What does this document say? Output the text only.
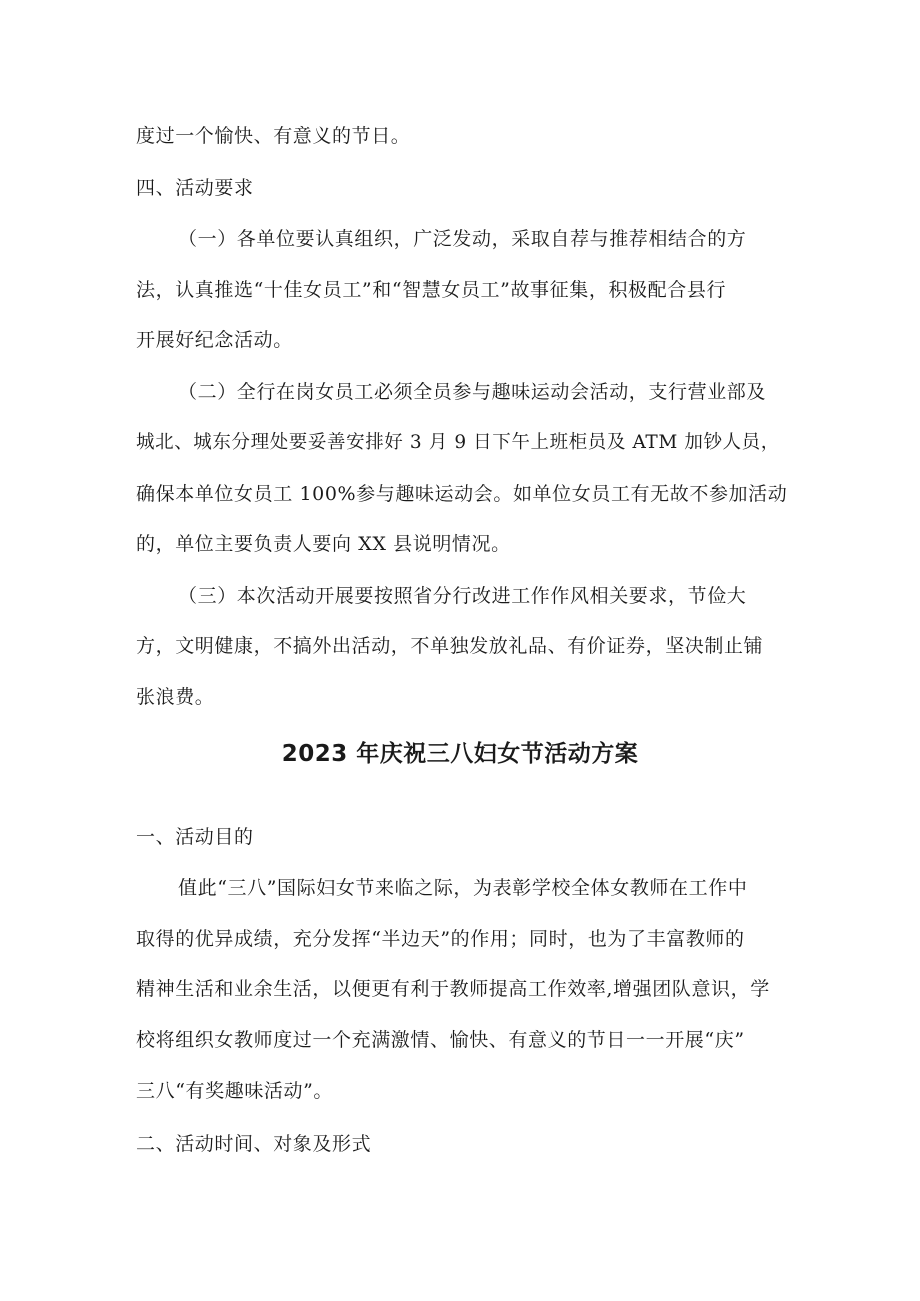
度过一个愉快、有意义的节日。

四、活动要求

（一）各单位要认真组织，广泛发动，采取自荐与推荐相结合的方

法，认真推选“十佳女员工”和“智慧女员工”故事征集，积极配合县行

开展好纪念活动。

（二）全行在岗女员工必须全员参与趣味运动会活动，支行营业部及

城北、城东分理处要妥善安排好 3 月 9 日下午上班柜员及 ATM 加钞人员，

确保本单位女员工 100%参与趣味运动会。如单位女员工有无故不参加活动

的，单位主要负责人要向 XX 县说明情况。

（三）本次活动开展要按照省分行改进工作作风相关要求，节俭大

方，文明健康，不搞外出活动，不单独发放礼品、有价证券，坚决制止铺

张浪费。

2023 年庆祝三八妇女节活动方案

一、活动目的

值此“三八”国际妇女节来临之际，为表彰学校全体女教师在工作中

取得的优异成绩，充分发挥“半边天”的作用；同时，也为了丰富教师的

精神生活和业余生活，以便更有利于教师提高工作效率,增强团队意识，学

校将组织女教师度过一个充满激情、愉快、有意义的节日一一开展“庆”

三八“有奖趣味活动”。

二、活动时间、对象及形式
